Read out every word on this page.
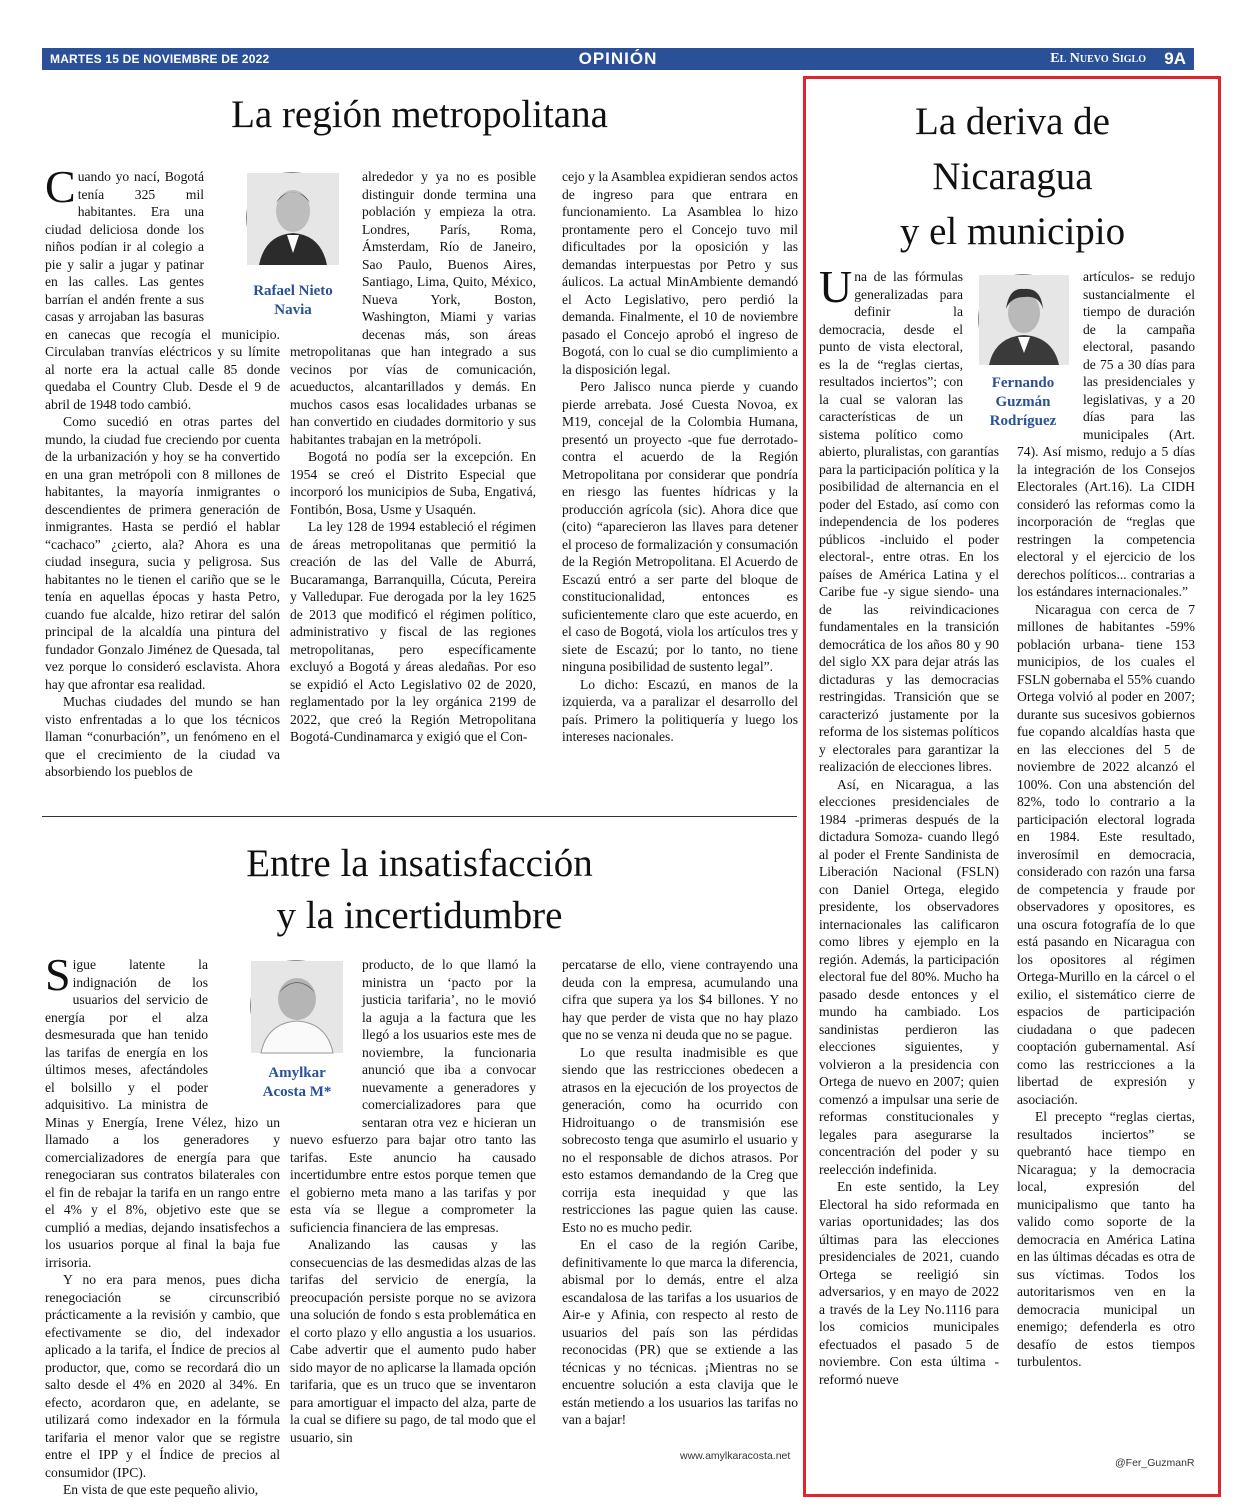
MARTES 15 DE NOVIEMBRE DE 2022	OPINIÓN	El Nuevo Siglo 9A
La región metropolitana
Rafael Nieto
Navia

Cuando yo nací, Bogotá tenía 325 mil habitantes. Era una ciudad deliciosa donde los niños podían ir al colegio a pie y salir a jugar y patinar en las calles. Las gentes barrían el andén frente a sus casas y arrojaban las basuras en canecas que recogía el municipio. Circulaban tranvías eléctricos y su límite al norte era la actual calle 85 donde quedaba el Country Club. Desde el 9 de abril de 1948 todo cambió.

Como sucedió en otras partes del mundo, la ciudad fue creciendo por cuenta de la urbanización y hoy se ha convertido en una gran metrópoli con 8 millones de habitantes, la mayoría inmigrantes o descendientes de primera generación de inmigrantes. Hasta se perdió el hablar “cachaco” ¿cierto, ala? Ahora es una ciudad insegura, sucia y peligrosa. Sus habitantes no le tienen el cariño que se le tenía en aquellas épocas y hasta Petro, cuando fue alcalde, hizo retirar del salón principal de la alcaldía una pintura del fundador Gonzalo Jiménez de Quesada, tal vez porque lo consideró esclavista. Ahora hay que afrontar esa realidad.

Muchas ciudades del mundo se han visto enfrentadas a lo que los técnicos llaman “conurbación”, un fenómeno en el que el crecimiento de la ciudad va absorbiendo los pueblos de

alrededor y ya no es posible distinguir donde termina una población y empieza la otra. Londres, París, Roma, Ámsterdam, Río de Janeiro, Sao Paulo, Buenos Aires, Santiago, Lima, Quito, México, Nueva York, Boston, Washington, Miami y varias decenas más, son áreas metropolitanas que han integrado a sus vecinos por vías de comunicación, acueductos, alcantarillados y demás. En muchos casos esas localidades urbanas se han convertido en ciudades dormitorio y sus habitantes trabajan en la metrópoli.

Bogotá no podía ser la excepción. En 1954 se creó el Distrito Especial que incorporó los municipios de Suba, Engativá, Fontibón, Bosa, Usme y Usaquén.

La ley 128 de 1994 estableció el régimen de áreas metropolitanas que permitió la creación de las del Valle de Aburrá, Bucaramanga, Barranquilla, Cúcuta, Pereira y Valledupar. Fue derogada por la ley 1625 de 2013 que modificó el régimen político, administrativo y fiscal de las regiones metropolitanas, pero específicamente excluyó a Bogotá y áreas aledañas. Por eso se expidió el Acto Legislativo 02 de 2020, reglamentado por la ley orgánica 2199 de 2022, que creó la Región Metropolitana Bogotá-Cundinamarca y exigió que el Con-

cejo y la Asamblea expidieran sendos actos de ingreso para que entrara en funcionamiento. La Asamblea lo hizo prontamente pero el Concejo tuvo mil dificultades por la oposición y las demandas interpuestas por Petro y sus áulicos. La actual MinAmbiente demandó el Acto Legislativo, pero perdió la demanda. Finalmente, el 10 de noviembre pasado el Concejo aprobó el ingreso de Bogotá, con lo cual se dio cumplimiento a la disposición legal.

Pero Jalisco nunca pierde y cuando pierde arrebata. José Cuesta Novoa, ex M19, concejal de la Colombia Humana, presentó un proyecto -que fue derrotado- contra el acuerdo de la Región Metropolitana por considerar que pondría en riesgo las fuentes hídricas y la producción agrícola (sic). Ahora dice que (cito) “aparecieron las llaves para detener el proceso de formalización y consumación de la Región Metropolitana. El Acuerdo de Escazú entró a ser parte del bloque de constitucionalidad, entonces es suficientemente claro que este acuerdo, en el caso de Bogotá, viola los artículos tres y siete de Escazú; por lo tanto, no tiene ninguna posibilidad de sustento legal”.

Lo dicho: Escazú, en manos de la izquierda, va a paralizar el desarrollo del país. Primero la politiquería y luego los intereses nacionales.

Entre la insatisfacción
y la incertidumbre
Amylkar
Acosta M*

Sigue latente la indignación de los usuarios del servicio de energía por el alza desmesurada que han tenido las tarifas de energía en los últimos meses, afectándoles el bolsillo y el poder adquisitivo. La ministra de Minas y Energía, Irene Vélez, hizo un llamado a los generadores y comercializadores de energía para que renegociaran sus contratos bilaterales con el fin de rebajar la tarifa en un rango entre el 4% y el 8%, objetivo este que se cumplió a medias, dejando insatisfechos a los usuarios porque al final la baja fue irrisoria.

Y no era para menos, pues dicha renegociación se circunscribió prácticamente a la revisión y cambio, que efectivamente se dio, del indexador aplicado a la tarifa, el Índice de precios al productor, que, como se recordará dio un salto desde el 4% en 2020 al 34%. En efecto, acordaron que, en adelante, se utilizará como indexador en la fórmula tarifaria el menor valor que se registre entre el IPP y el Índice de precios al consumidor (IPC).

En vista de que este pequeño alivio,

producto, de lo que llamó la ministra un ‘pacto por la justicia tarifaria’, no le movió la aguja a la factura que les llegó a los usuarios este mes de noviembre, la funcionaria anunció que iba a convocar nuevamente a generadores y comercializadores para que sentaran otra vez e hicieran un nuevo esfuerzo para bajar otro tanto las tarifas. Este anuncio ha causado incertidumbre entre estos porque temen que el gobierno meta mano a las tarifas y por esta vía se llegue a comprometer la suficiencia financiera de las empresas.

Analizando las causas y las consecuencias de las desmedidas alzas de las tarifas del servicio de energía, la preocupación persiste porque no se avizora una solución de fondo s esta problemática en el corto plazo y ello angustia a los usuarios. Cabe advertir que el aumento pudo haber sido mayor de no aplicarse la llamada opción tarifaria, que es un truco que se inventaron para amortiguar el impacto del alza, parte de la cual se difiere su pago, de tal modo que el usuario, sin

percatarse de ello, viene contrayendo una deuda con la empresa, acumulando una cifra que supera ya los $4 billones. Y no hay que perder de vista que no hay plazo que no se venza ni deuda que no se pague.

Lo que resulta inadmisible es que siendo que las restricciones obedecen a atrasos en la ejecución de los proyectos de generación, como ha ocurrido con Hidroituango o de transmisión ese sobrecosto tenga que asumirlo el usuario y no el responsable de dichos atrasos. Por esto estamos demandando de la Creg que corrija esta inequidad y que las restricciones las pague quien las cause. Esto no es mucho pedir.

En el caso de la región Caribe, definitivamente lo que marca la diferencia, abismal por lo demás, entre el alza escandalosa de las tarifas a los usuarios de Air-e y Afinia, con respecto al resto de usuarios del país son las pérdidas reconocidas (PR) que se extiende a las técnicas y no técnicas. ¡Mientras no se encuentre solución a esta clavija que le están metiendo a los usuarios las tarifas no van a bajar!

www.amylkaracosta.net
La deriva de
Nicaragua
y el municipio
Fernando
Guzmán
Rodríguez

Una de las fórmulas generalizadas para definir la democracia, desde el punto de vista electoral, es la de “reglas ciertas, resultados inciertos”; con la cual se valoran las características de un sistema político como abierto, pluralistas, con garantías para la participación política y la posibilidad de alternancia en el poder del Estado, así como con independencia de los poderes públicos -incluido el poder electoral-, entre otras. En los países de América Latina y el Caribe fue -y sigue siendo- una de las reivindicaciones fundamentales en la transición democrática de los años 80 y 90 del siglo XX para dejar atrás las dictaduras y las democracias restringidas. Transición que se caracterizó justamente por la reforma de los sistemas políticos y electorales para garantizar la realización de elecciones libres.

Así, en Nicaragua, a las elecciones presidenciales de 1984 -primeras después de la dictadura Somoza- cuando llegó al poder el Frente Sandinista de Liberación Nacional (FSLN) con Daniel Ortega, elegido presidente, los observadores internacionales las calificaron como libres y ejemplo en la región. Además, la participación electoral fue del 80%. Mucho ha pasado desde entonces y el mundo ha cambiado. Los sandinistas perdieron las elecciones siguientes, y volvieron a la presidencia con Ortega de nuevo en 2007; quien comenzó a impulsar una serie de reformas constitucionales y legales para asegurarse la concentración del poder y su reelección indefinida.

En este sentido, la Ley Electoral ha sido reformada en varias oportunidades; las dos últimas para las elecciones presidenciales de 2021, cuando Ortega se reeligió sin adversarios, y en mayo de 2022 a través de la Ley No.1116 para los comicios municipales efectuados el pasado 5 de noviembre. Con esta última -reformó nueve

artículos- se redujo sustancialmente el tiempo de duración de la campaña electoral, pasando de 75 a 30 días para las presidenciales y legislativas, y a 20 días para las municipales (Art. 74). Así mismo, redujo a 5 días la integración de los Consejos Electorales (Art.16). La CIDH consideró las reformas como la incorporación de “reglas que restringen la competencia electoral y el ejercicio de los derechos políticos... contrarias a los estándares internacionales.”

Nicaragua con cerca de 7 millones de habitantes -59% población urbana- tiene 153 municipios, de los cuales el FSLN gobernaba el 55% cuando Ortega volvió al poder en 2007; durante sus sucesivos gobiernos fue copando alcaldías hasta que en las elecciones del 5 de noviembre de 2022 alcanzó el 100%. Con una abstención del 82%, todo lo contrario a la participación electoral lograda en 1984. Este resultado, inverosímil en democracia, considerado con razón una farsa de competencia y fraude por observadores y opositores, es una oscura fotografía de lo que está pasando en Nicaragua con los opositores al régimen Ortega-Murillo en la cárcel o el exilio, el sistemático cierre de espacios de participación ciudadana o que padecen cooptación gubernamental. Así como las restricciones a la libertad de expresión y asociación.

El precepto “reglas ciertas, resultados inciertos” se quebrantó hace tiempo en Nicaragua; y la democracia local, expresión del municipalismo que tanto ha valido como soporte de la democracia en América Latina en las últimas décadas es otra de sus víctimas. Todos los autoritarismos ven en la democracia municipal un enemigo; defenderla es otro desafío de estos tiempos turbulentos.

@Fer_GuzmanR
